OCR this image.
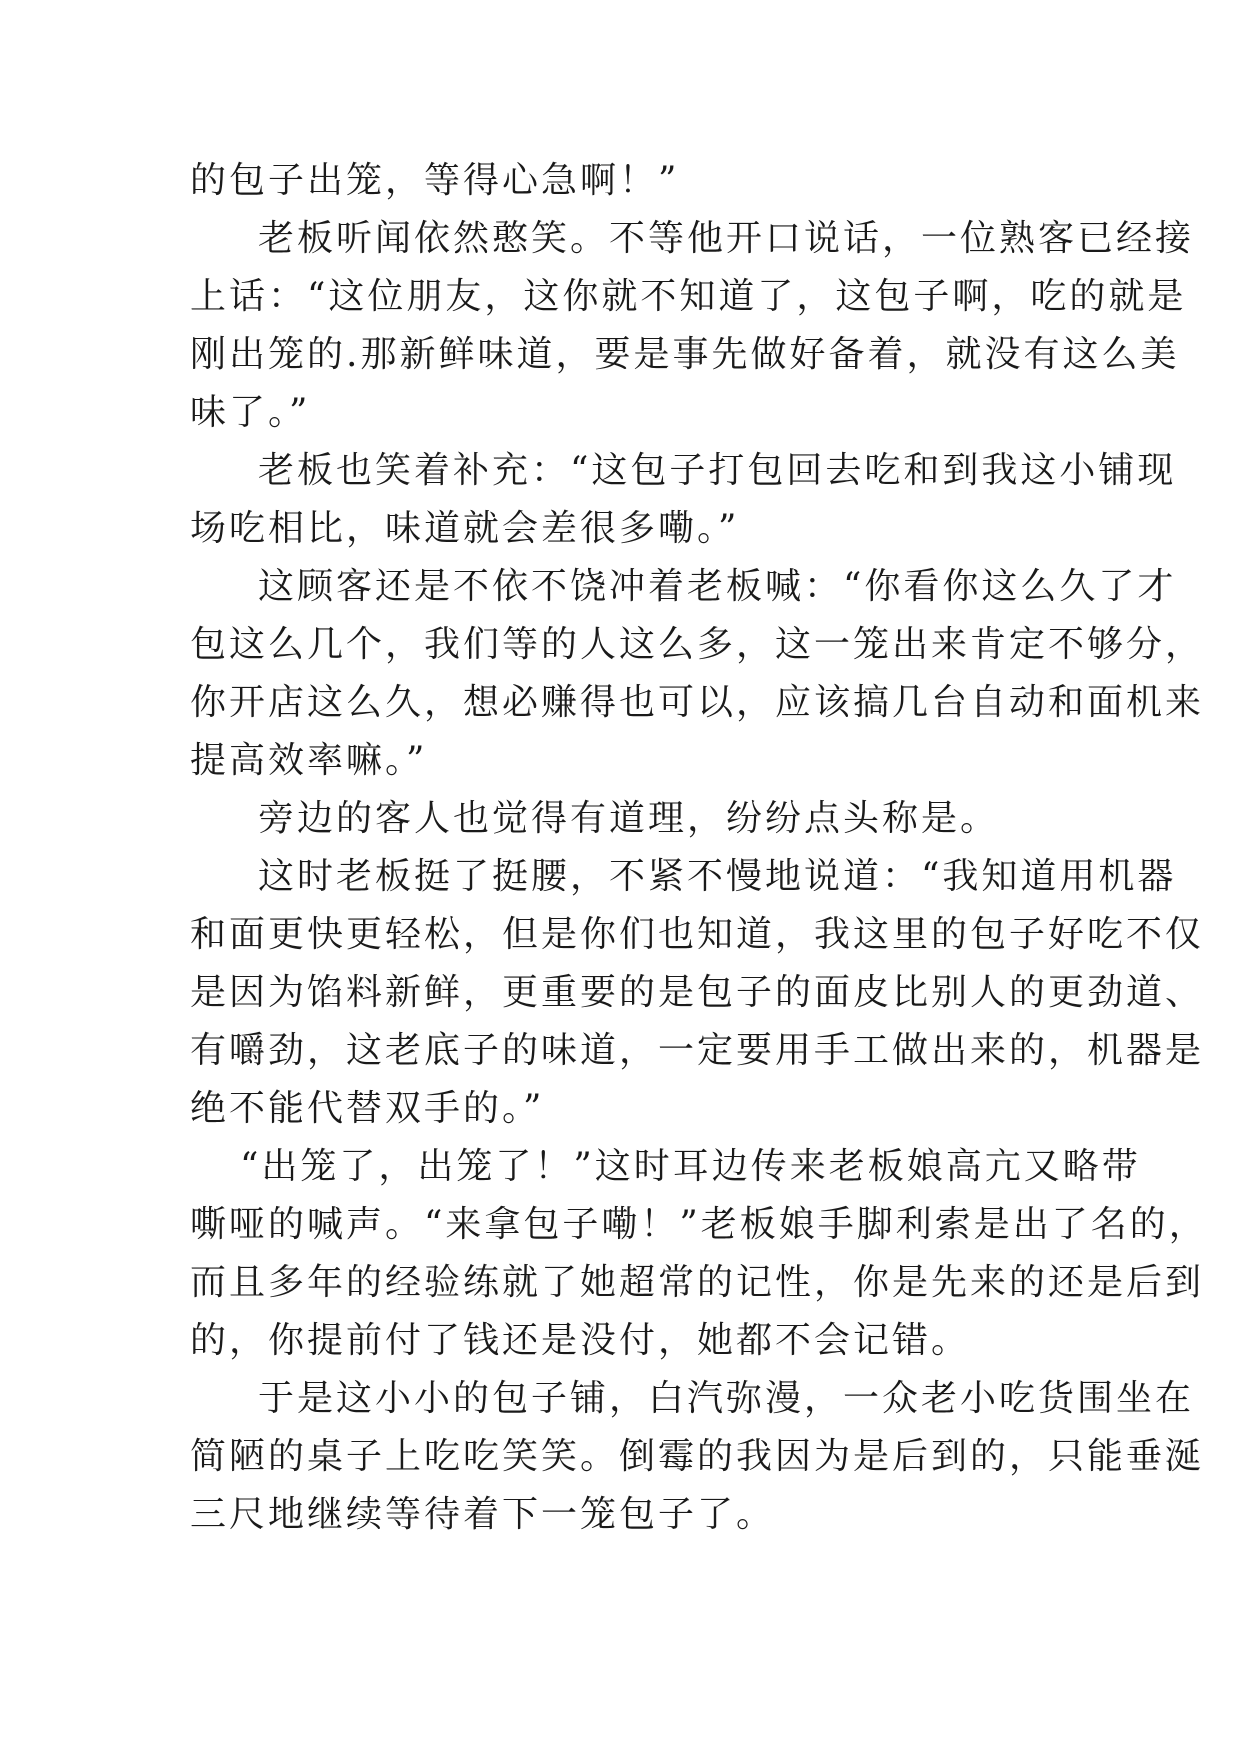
的包子出笼，等得心急啊！”
老板听闻依然憨笑。不等他开口说话，一位熟客已经接
上话：“这位朋友，这你就不知道了，这包子啊，吃的就是
刚出笼的.那新鲜味道，要是事先做好备着，就没有这么美
味了。”
老板也笑着补充：“这包子打包回去吃和到我这小铺现
场吃相比，味道就会差很多嘞。”
这顾客还是不依不饶冲着老板喊：“你看你这么久了才
包这么几个，我们等的人这么多，这一笼出来肯定不够分，
你开店这么久，想必赚得也可以，应该搞几台自动和面机来
提高效率嘛。”
旁边的客人也觉得有道理，纷纷点头称是。
这时老板挺了挺腰，不紧不慢地说道：“我知道用机器
和面更快更轻松，但是你们也知道，我这里的包子好吃不仅
是因为馅料新鲜，更重要的是包子的面皮比别人的更劲道、
有嚼劲，这老底子的味道，一定要用手工做出来的，机器是
绝不能代替双手的。”
“出笼了，出笼了！”这时耳边传来老板娘高亢又略带
嘶哑的喊声。“来拿包子嘞！”老板娘手脚利索是出了名的，
而且多年的经验练就了她超常的记性，你是先来的还是后到
的，你提前付了钱还是没付，她都不会记错。
于是这小小的包子铺，白汽弥漫，一众老小吃货围坐在
简陋的桌子上吃吃笑笑。倒霉的我因为是后到的，只能垂涎
三尺地继续等待着下一笼包子了。
